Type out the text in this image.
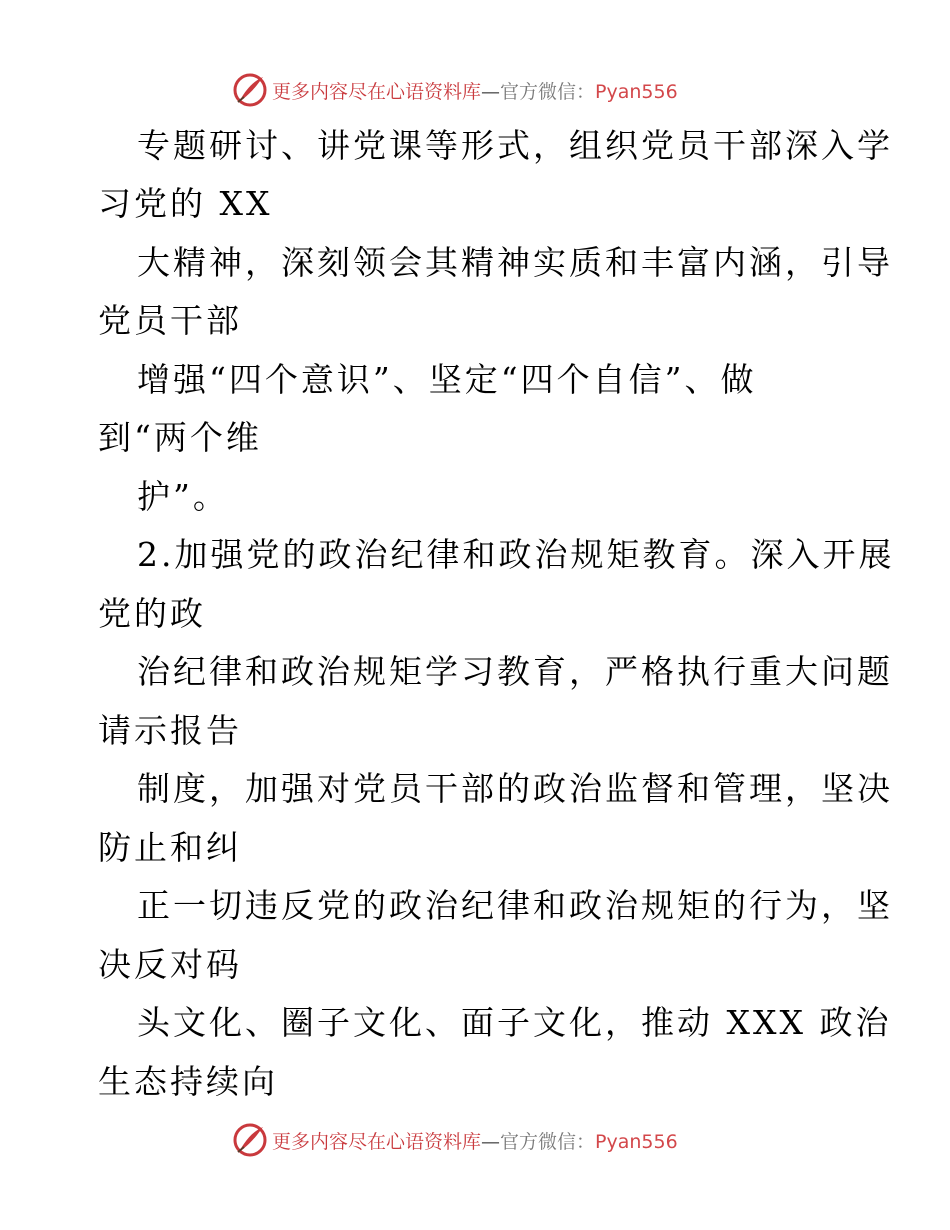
更多内容尽在心语资料库—官方微信：Pyan556
专题研讨、讲党课等形式，组织党员干部深入学
习党的 XX
大精神，深刻领会其精神实质和丰富内涵，引导
党员干部
增强“四个意识”、坚定“四个自信”、做
到“两个维
护”。
2.加强党的政治纪律和政治规矩教育。深入开展
党的政
治纪律和政治规矩学习教育，严格执行重大问题
请示报告
制度，加强对党员干部的政治监督和管理，坚决
防止和纠
正一切违反党的政治纪律和政治规矩的行为，坚
决反对码
头文化、圈子文化、面子文化，推动 XXX 政治
生态持续向
更多内容尽在心语资料库—官方微信：Pyan556
